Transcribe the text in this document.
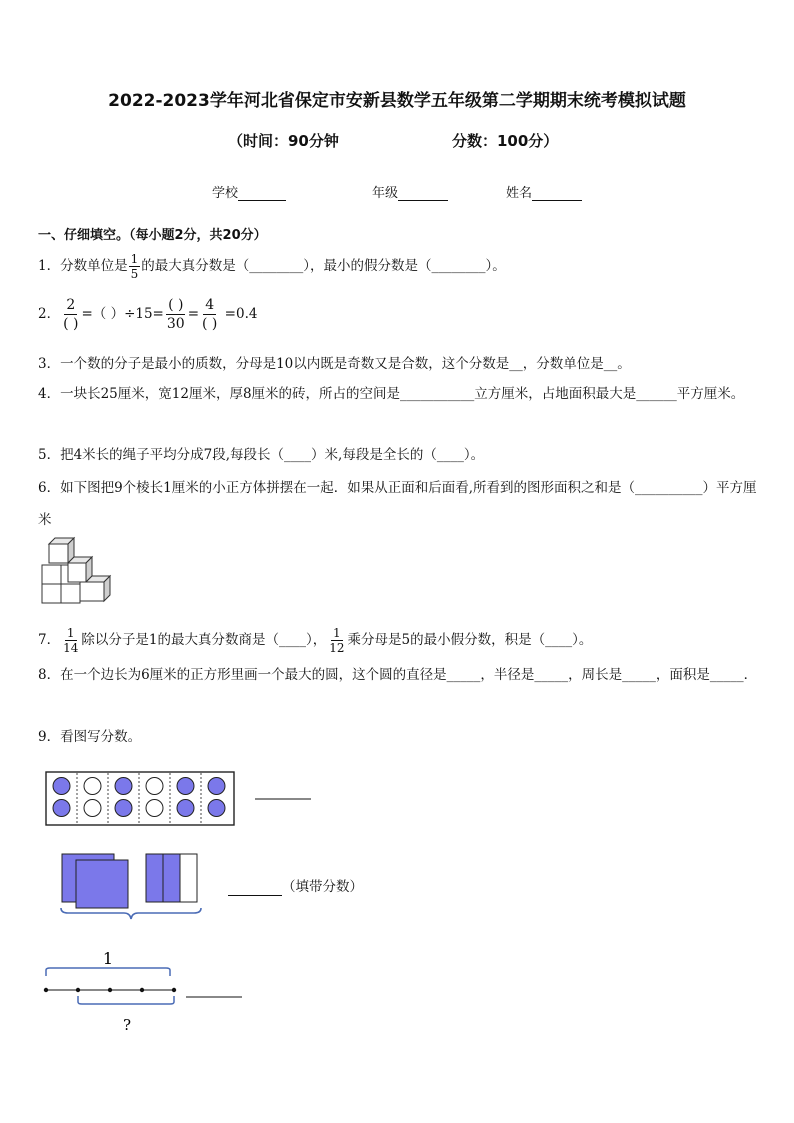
2022-2023学年河北省保定市安新县数学五年级第二学期期末统考模拟试题
（时间：90分钟	分数：100分）
学校	年级	姓名
一、仔细填空。（每小题2分，共20分）
1．分数单位是 $\frac{1}{5}$ 的最大真分数是（________），最小的假分数是（________）。
2． $\frac{2}{( )}$ =（ ）$\div 15= \frac{( )}{30} = \frac{4}{( )} =0.4$
3．一个数的分子是最小的质数，分母是10以内既是奇数又是合数，这个分数是__，分数单位是__。
4．一块长25厘米，宽12厘米，厚8厘米的砖，所占的空间是___________立方厘米，占地面积最大是______平方厘米。
5．把4米长的绳子平均分成7段,每段长（____）米,每段是全长的（____）。
6．如下图把9个棱长1厘米的小正方体拼摆在一起．如果从正面和后面看,所看到的图形面积之和是（__________）平方厘米
7． $\frac{1}{14}$ 除以分子是1的最大真分数商是（____）， $\frac{1}{12}$ 乘分母是5的最小假分数，积是（____）。
8．在一个边长为6厘米的正方形里画一个最大的圆，这个圆的直径是_____，半径是_____，周长是_____，面积是_____．
9．看图写分数。
（填带分数）
1
?
